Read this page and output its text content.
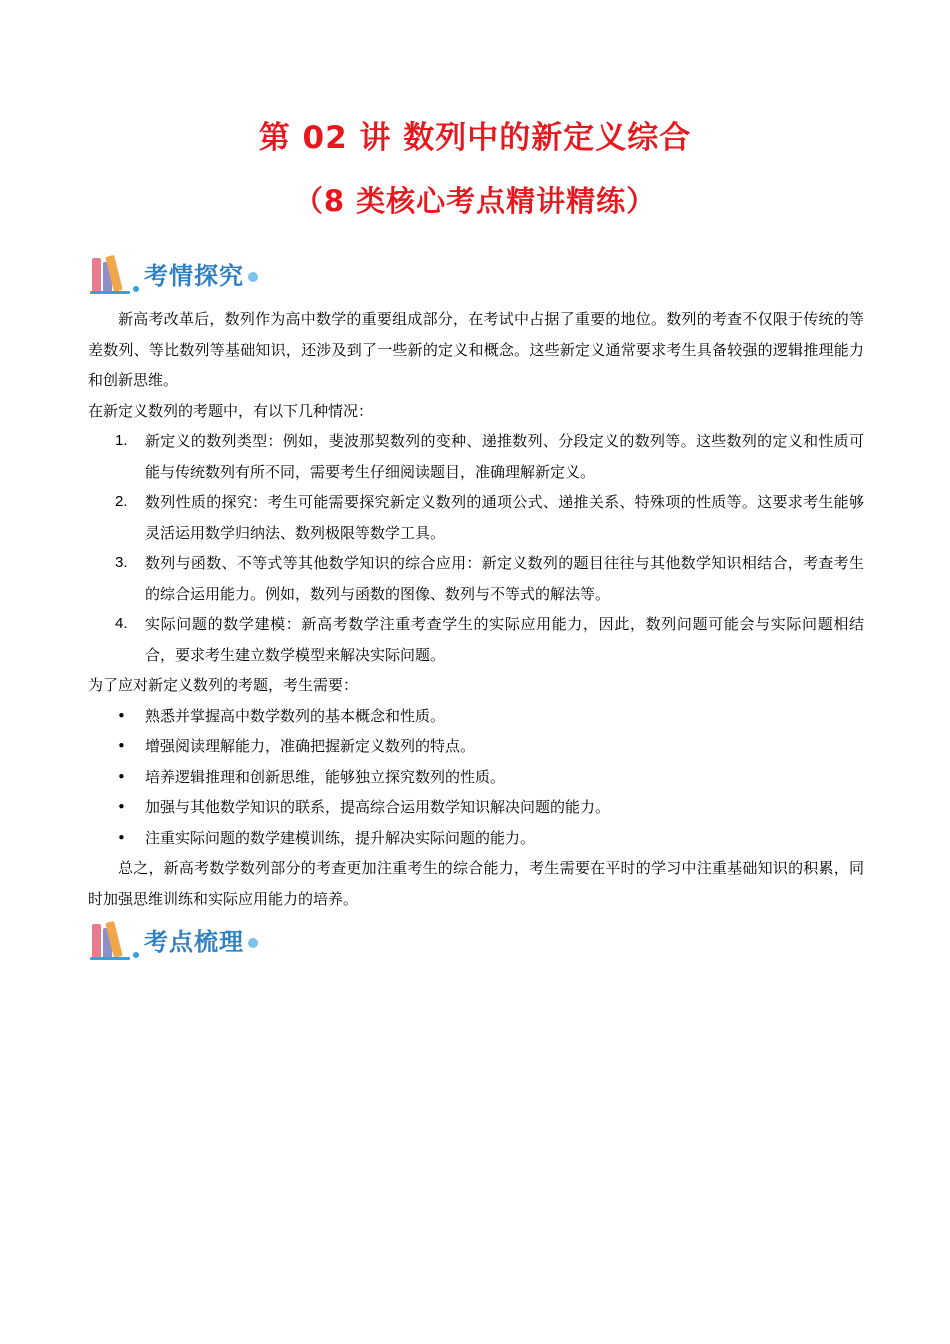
第 02 讲 数列中的新定义综合
（8 类核心考点精讲精练）
考情探究

新高考改革后，数列作为高中数学的重要组成部分，在考试中占据了重要的地位。数列的考查不仅限于传统的等差数列、等比数列等基础知识，还涉及到了一些新的定义和概念。这些新定义通常要求考生具备较强的逻辑推理能力和创新思维。

在新定义数列的考题中，有以下几种情况：

1. 新定义的数列类型：例如，斐波那契数列的变种、递推数列、分段定义的数列等。这些数列的定义和性质可能与传统数列有所不同，需要考生仔细阅读题目，准确理解新定义。
2. 数列性质的探究：考生可能需要探究新定义数列的通项公式、递推关系、特殊项的性质等。这要求考生能够灵活运用数学归纳法、数列极限等数学工具。
3. 数列与函数、不等式等其他数学知识的综合应用：新定义数列的题目往往与其他数学知识相结合，考查考生的综合运用能力。例如，数列与函数的图像、数列与不等式的解法等。
4. 实际问题的数学建模：新高考数学注重考查学生的实际应用能力，因此，数列问题可能会与实际问题相结合，要求考生建立数学模型来解决实际问题。

为了应对新定义数列的考题，考生需要：

• 熟悉并掌握高中数学数列的基本概念和性质。
• 增强阅读理解能力，准确把握新定义数列的特点。
• 培养逻辑推理和创新思维，能够独立探究数列的性质。
• 加强与其他数学知识的联系，提高综合运用数学知识解决问题的能力。
• 注重实际问题的数学建模训练，提升解决实际问题的能力。

总之，新高考数学数列部分的考查更加注重考生的综合能力，考生需要在平时的学习中注重基础知识的积累，同时加强思维训练和实际应用能力的培养。

考点梳理
